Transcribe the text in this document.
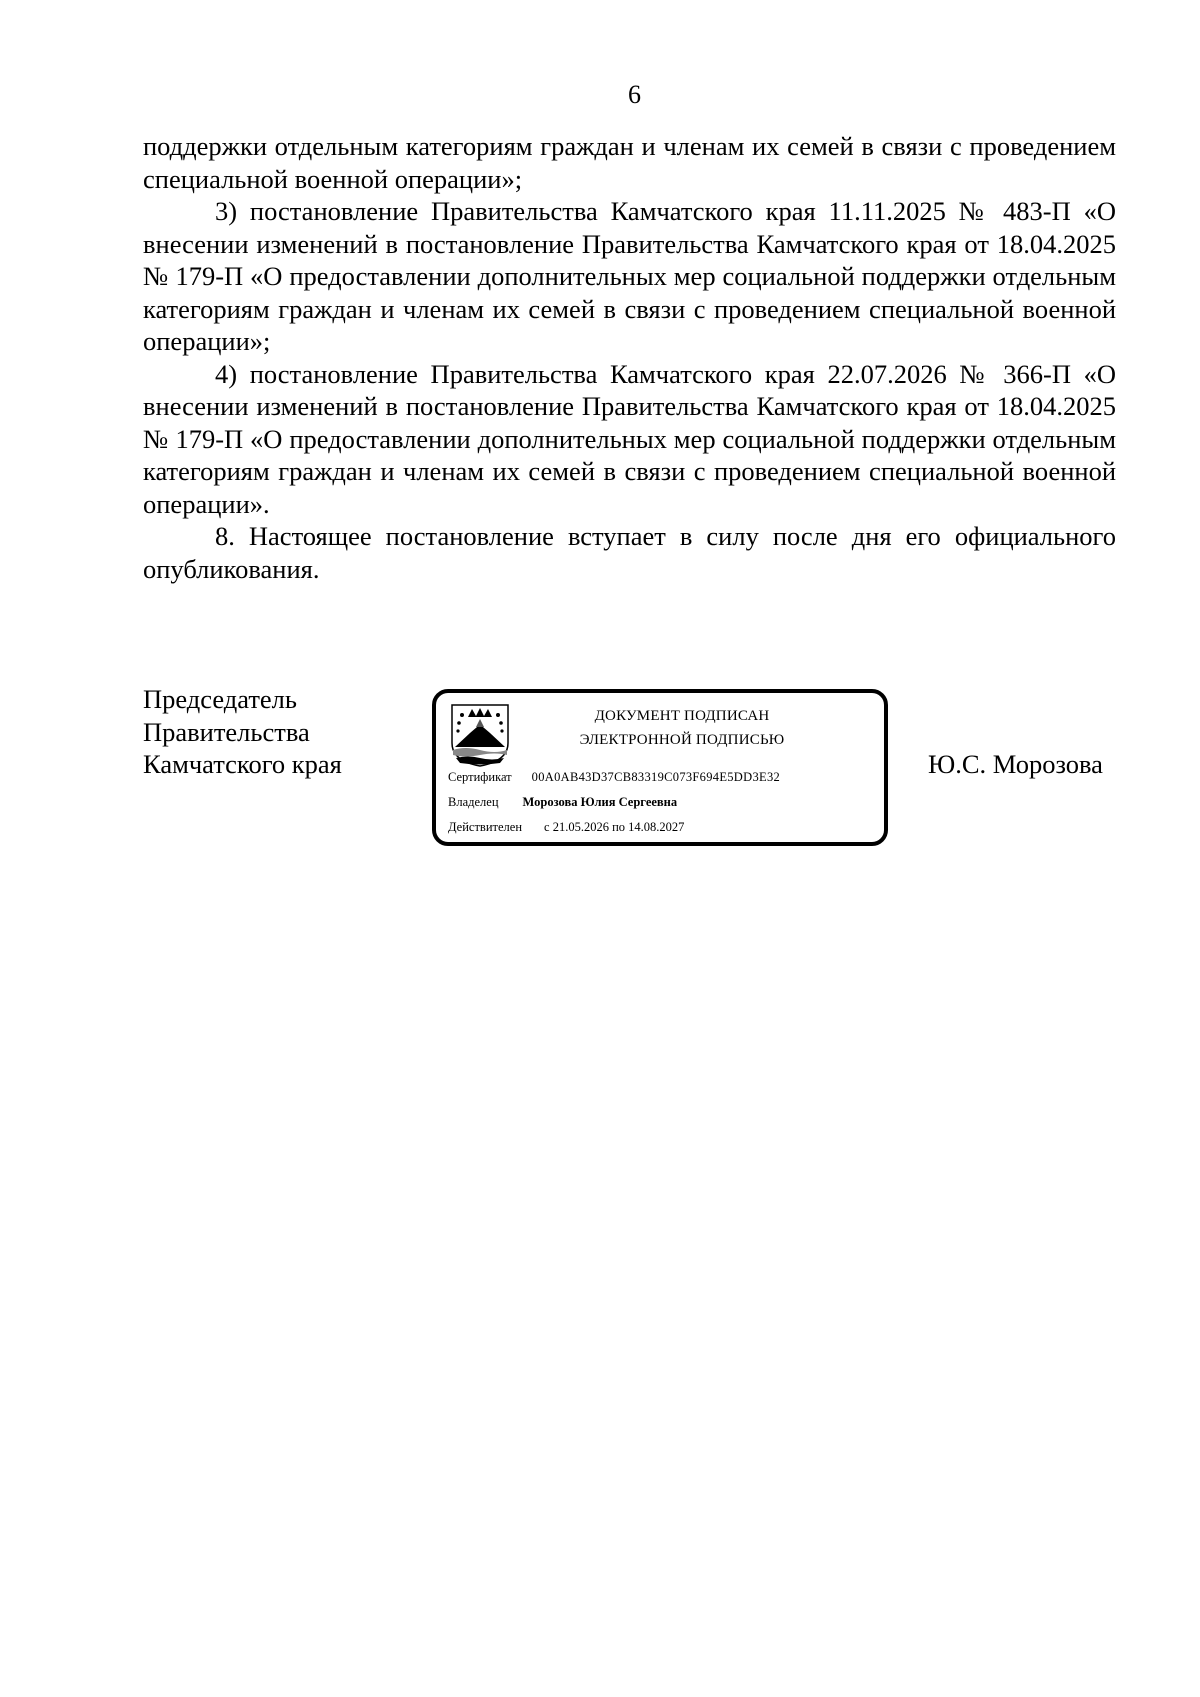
6

поддержки отдельным категориям граждан и членам их семей в связи с проведением специальной военной операции»;

3) постановление Правительства Камчатского края 11.11.2025 № 483-П «О внесении изменений в постановление Правительства Камчатского края от 18.04.2025 № 179-П «О предоставлении дополнительных мер социальной поддержки отдельным категориям граждан и членам их семей в связи с проведением специальной военной операции»;

4) постановление Правительства Камчатского края 22.07.2026 № 366-П «О внесении изменений в постановление Правительства Камчатского края от 18.04.2025 № 179-П «О предоставлении дополнительных мер социальной поддержки отдельным категориям граждан и членам их семей в связи с проведением специальной военной операции».

8. Настоящее постановление вступает в силу после дня его официального опубликования.

Председатель
Правительства
Камчатского края
ДОКУМЕНТ ПОДПИСАН
ЭЛЕКТРОННОЙ ПОДПИСЬЮ
Сертификат 00A0AB43D37CB83319C073F694E5DD3E32
Владелец Морозова Юлия Сергеевна
Действителен с 21.05.2026 по 14.08.2027
Ю.С. Морозова
